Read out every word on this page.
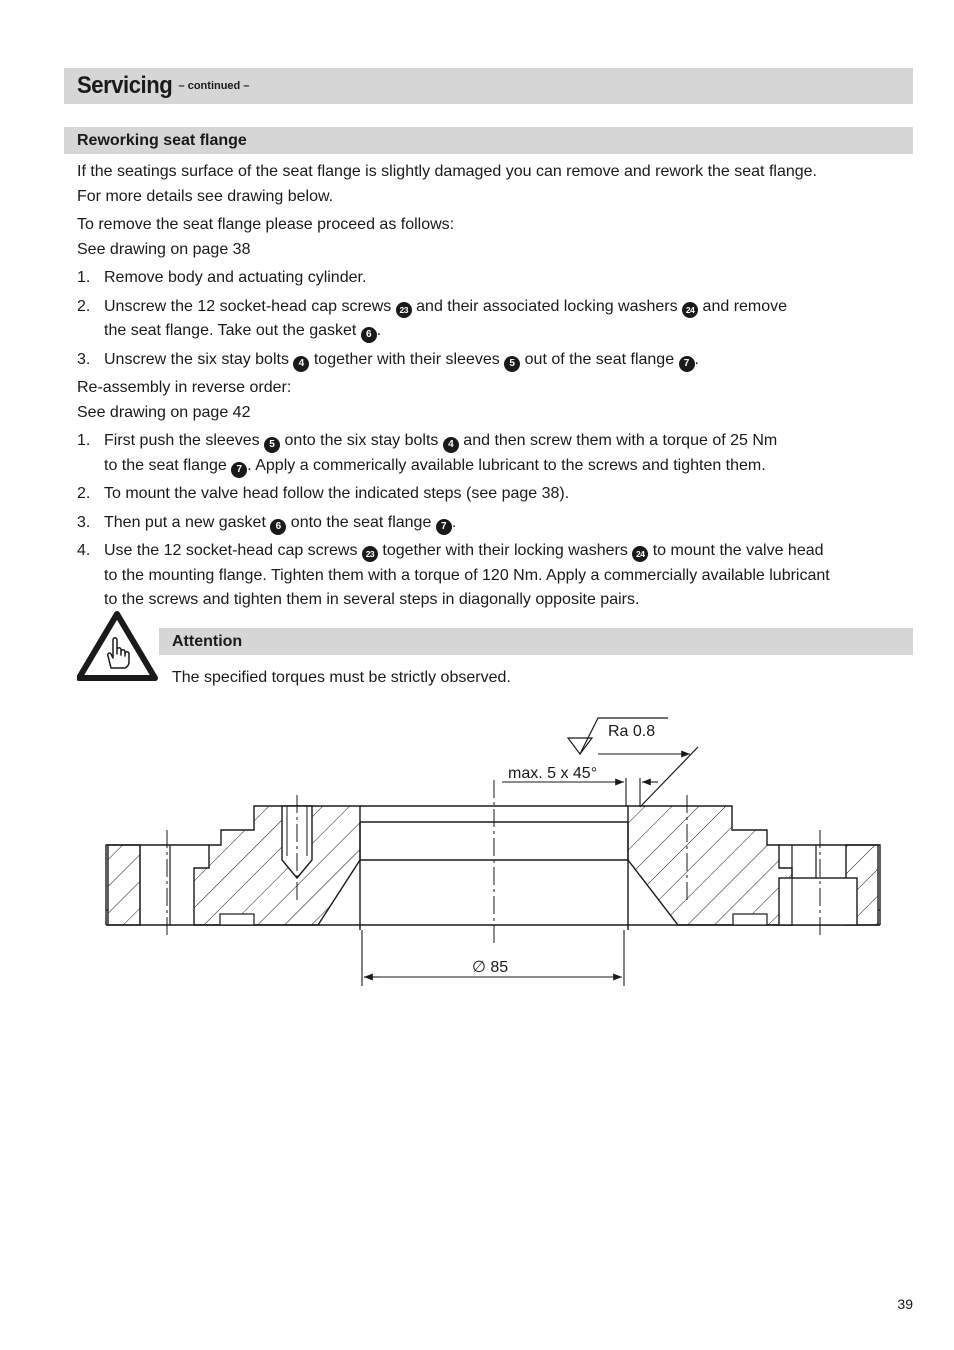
Servicing – continued –
Reworking seat flange

If the seatings surface of the seat flange is slightly damaged you can remove and rework the seat flange.
For more details see drawing below.

To remove the seat flange please proceed as follows:
See drawing on page 38

1. Remove body and actuating cylinder.
2. Unscrew the 12 socket-head cap screws 23 and their associated locking washers 24 and remove
the seat flange. Take out the gasket 6 .
3. Unscrew the six stay bolts 4 together with their sleeves 5 out of the seat flange 7 .

Re-assembly in reverse order:
See drawing on page 42

1. First push the sleeves 5 onto the six stay bolts 4 and then screw them with a torque of 25 Nm
to the seat flange 7 . Apply a commerically available lubricant to the screws and tighten them.
2. To mount the valve head follow the indicated steps (see page 38).
3. Then put a new gasket 6 onto the seat flange 7 .
4. Use the 12 socket-head cap screws 23 together with their locking washers 24 to mount the valve head
to the mounting flange. Tighten them with a torque of 120 Nm. Apply a commercially available lubricant
to the screws and tighten them in several steps in diagonally opposite pairs.
Attention
The specified torques must be strictly observed.
Ra 0.8
max. 5 x 45°
∅ 85
39
